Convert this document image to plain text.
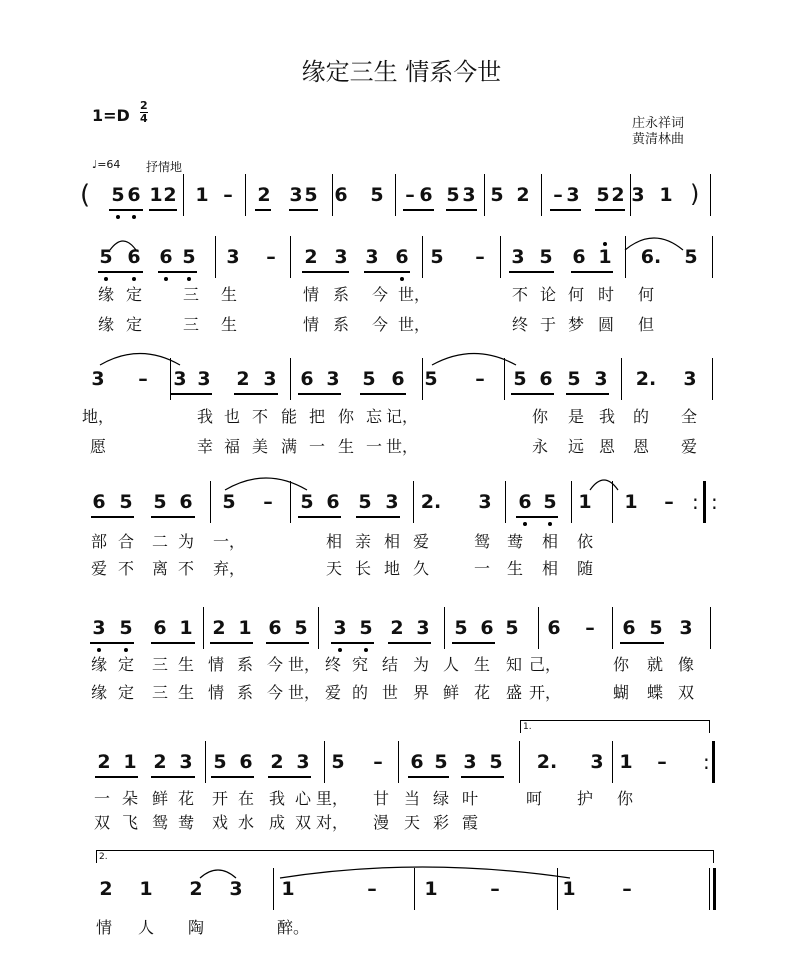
缘定三生 情系今世
1=D
2
4	庄永祥词
黄清林曲
♩=64 抒情地
(
1.
2.
5 6 1 2 1 – 2 3 5 6 5 – 6 5 3 5 2 – 3 5 2 3 1 )
5 6 6 5 3 – 2 3 3 6 5 – 3 5 6 1 6. 5
缘 定	三 生	情 系 今 世，	不 论 何 时 何
缘 定	三 生	情 系 今 世，	终 于 梦 圆 但
3 – 3 3 2 3 6 3 5 6 5 – 5 6 5 3 2. 3
地，	我 也 不 能 把 你 忘 记，	你 是 我 的 全
愿	幸 福 美 满 一 生 一 世，	永 远 恩 恩 爱
6 5 5 6 5 – 5 6 5 3 2. 3 6 5 1 1 – : :
部 合 二 为 一，	相 亲 相 爱	鸳 鸯 相 依
爱 不 离 不 弃，	天 长 地 久	一 生 相 随
3 5 6 1 2 1 6 5 3 5 2 3 5 6 5 6 – 6 5 3
缘 定 三 生 情 系 今 世， 终 究 结 为 人 生 知 己，	你 就 像
缘 定 三 生 情 系 今 世， 爱 的 世 界 鲜 花 盛 开，	蝴 蝶 双
2 1 2 3 5 6 2 3 5 – 6 5 3 5 2. 3 1 – :
一 朵 鲜 花 开 在 我 心 里， 甘 当 绿 叶	呵 护 你
双 飞 鸳 鸯 戏 水 成 双 对， 漫 天 彩 霞
2 1 2 3 1	–	1	–	1 –
情 人 陶	醉。
